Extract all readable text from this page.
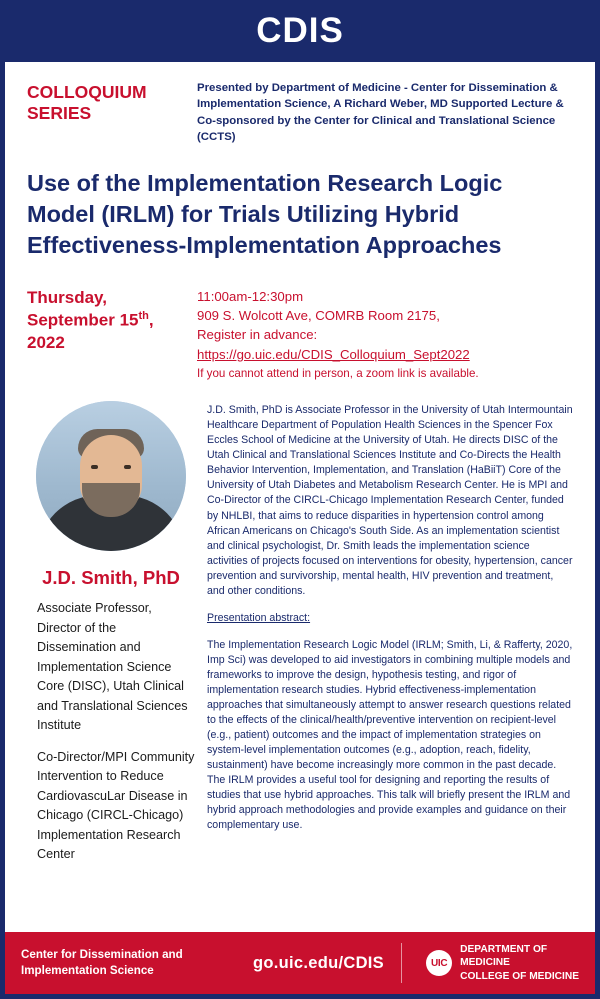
CDIS
COLLOQUIUM SERIES
Presented by Department of Medicine - Center for Dissemination & Implementation Science, A Richard Weber, MD Supported Lecture & Co-sponsored by the Center for Clinical and Translational Science (CCTS)
Use of the Implementation Research Logic Model (IRLM) for Trials Utilizing Hybrid Effectiveness-Implementation Approaches
Thursday,
September 15th,
2022
11:00am-12:30pm
909 S. Wolcott Ave, COMRB Room 2175,
Register in advance:
https://go.uic.edu/CDIS_Colloquium_Sept2022
If you cannot attend in person, a zoom link is available.
J.D. Smith, PhD

Associate Professor, Director of the Dissemination and Implementation Science Core (DISC), Utah Clinical and Translational Sciences Institute

Co-Director/MPI Community Intervention to Reduce CardiovascuLar Disease in Chicago (CIRCL-Chicago) Implementation Research Center

J.D. Smith, PhD is Associate Professor in the University of Utah Intermountain Healthcare Department of Population Health Sciences in the Spencer Fox Eccles School of Medicine at the University of Utah. He directs DISC of the Utah Clinical and Translational Sciences Institute and Co-Directs the Health Behavior Intervention, Implementation, and Translation (HaBiiT) Core of the University of Utah Diabetes and Metabolism Research Center. He is MPI and Co-Director of the CIRCL-Chicago Implementation Research Center, funded by NHLBI, that aims to reduce disparities in hypertension control among African Americans on Chicago's South Side. As an implementation scientist and clinical psychologist, Dr. Smith leads the implementation science activities of projects focused on interventions for obesity, hypertension, cancer prevention and survivorship, mental health, HIV prevention and treatment, and other conditions.

Presentation abstract:

The Implementation Research Logic Model (IRLM; Smith, Li, & Rafferty, 2020, Imp Sci) was developed to aid investigators in combining multiple models and frameworks to improve the design, hypothesis testing, and rigor of implementation research studies. Hybrid effectiveness-implementation approaches that simultaneously attempt to answer research questions related to the effects of the clinical/health/preventive intervention on recipient-level (e.g., patient) outcomes and the impact of implementation strategies on system-level implementation outcomes (e.g., adoption, reach, fidelity, sustainment) have become increasingly more common in the past decade. The IRLM provides a useful tool for designing and reporting the results of studies that use hybrid approaches. This talk will briefly present the IRLM and hybrid approach methodologies and provide examples and guidance on their complementary use.

Center for Dissemination and Implementation Science	go.uic.edu/CDIS	UIC
DEPARTMENT OF
MEDICINE
COLLEGE OF MEDICINE
